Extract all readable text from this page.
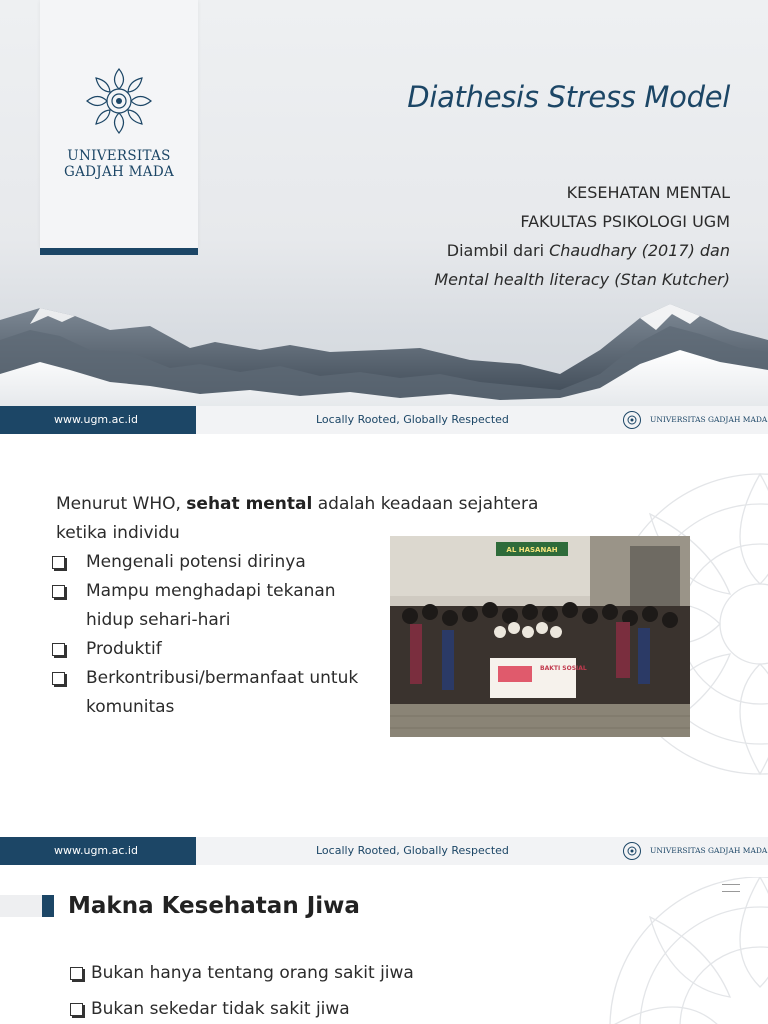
UNIVERSITAS
GADJAH MADA
Diathesis Stress Model
KESEHATAN MENTAL
FAKULTAS PSIKOLOGI UGM
Diambil dari Chaudhary (2017) dan
Mental health literacy (Stan Kutcher)
www.ugm.ac.id	Locally Rooted, Globally Respected	UNIVERSITAS GADJAH MADA
Menurut WHO, sehat mental adalah keadaan sejahtera ketika individu
Mengenali potensi dirinya
Mampu menghadapi tekanan hidup sehari-hari
Produktif
Berkontribusi/bermanfaat untuk komunitas
AL HASANAH
BAKTI SOSIAL
www.ugm.ac.id	Locally Rooted, Globally Respected	UNIVERSITAS GADJAH MADA
Makna Kesehatan Jiwa
Bukan hanya tentang orang sakit jiwa
Bukan sekedar tidak sakit jiwa
